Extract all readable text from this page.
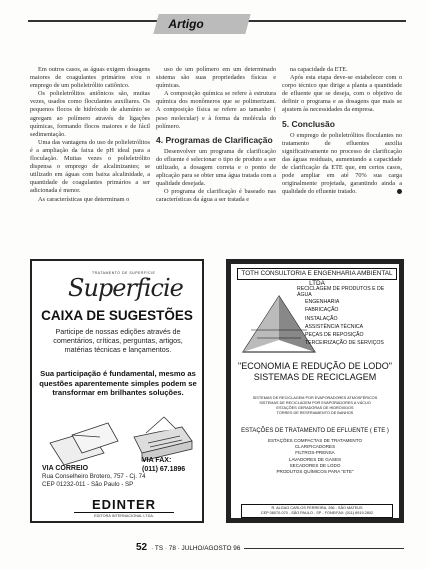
Artigo

Em outros casos, as águas exigem dosagens maiores de coagulantes primários e/ou o emprego de um polieletrólito catiônico.

Os polieletrólitos aniônicos são, muitas vezes, usados como floculantes auxiliares. Os pequenos flocos de hidróxido de alumínio se agregam ao polímero através de ligações químicas, formando flocos maiores e de fácil sedimentação.

Uma das vantagens do uso de polieletrólitos é a ampliação da faixa de pH ideal para a floculação. Muitas vezes o polieletrólito dispensa o emprego de alcalinizantes; se utilizado em águas com baixa alcalinidade, a quantidade de coagulantes primários a ser adicionada é menor.

As características que determinam o

uso de um polímero em um determinado sistema são suas propriedades físicas e químicas.

A composição química se refere à estrutura química dos monômeros que se polimerizam. A composição física se refere ao tamanho ( peso molecular) e à forma da molécula do polímero.

4. Programas de Clarificação

Desenvolver um programa de clarificação do efluente é selecionar o tipo de produto a ser utilizado, a dosagem correta e o ponto de aplicação para se obter uma água tratada com a qualidade desejada.

O programa de clarificação é baseado nas características da água a ser tratada e

na capacidade da ETE.

Após esta etapa deve-se estabelecer com o corpo técnico que dirige a planta a quantidade de efluente que se deseja, com o objetivo de definir o programa e as dosagens que mais se ajustem às necessidades da empresa.

5. Conclusão

O emprego de polieletrólitos floculantes no tratamento de efluentes auxilia significativamente no processo de clarificação das águas residuais, aumentando a capacidade de clarificação da ETE que, em certos casos, pode ampliar em até 70% sua carga originalmente projetada, garantindo ainda a qualidade do efluente tratado.

TRATAMENTO DE SUPERFÍCIE
Superficie
CAIXA DE SUGESTÕES
Participe de nossas edições através de comentários, críticas, perguntas, artigos, matérias técnicas e lançamentos.
Sua participação é fundamental, mesmo as questões aparentemente simples podem se transformar em brilhantes soluções.
VIA FAX:
(011) 67.1896
VIA CORREIO
Rua Conselheiro Brotero, 757 - Cj. 74
CEP 01232-011 - São Paulo - SP
EDINTER
EDITORA INTERNACIONAL LTDA.
TOTH CONSULTORIA E ENGENHARIA AMBIENTAL LTDA
RECICLAGEM DE PRODUTOS E DE ÁGUA
ENGENHARIA
FABRICAÇÃO
INSTALAÇÃO
ASSISTÊNCIA TÉCNICA
PEÇAS DE REPOSIÇÃO
TERCEIRIZAÇÃO DE SERVIÇOS
"ECONOMIA E REDUÇÃO DE LODO"
SISTEMAS DE RECICLAGEM
SISTEMAS DE RECICLAGEM POR EVAPORADORES ATMOSFÉRICOS
SISTEMAS DE RECICLAGEM POR EVAPORADORES A VÁCUO
ESTAÇÕES GERADORAS DE HIDRÓXIDOS
TORRES DE RESFRIAMENTO DE BANHOS
ESTAÇÕES DE TRATAMENTO DE EFLUENTE ( ETE )
ESTAÇÕES COMPACTAS DE TRATAMENTO
CLARIFICADORES
FILTROS-PRENSA
LAVADORES DE GASES
SECADORES DE LODO
PRODUTOS QUÍMICOS PARA "ETE"
R. ALGAO CARLOS FERREIRA, 266 - SÃO MATEUS
CEP 08070-070 - SÃO PAULO - SP - FONE/FAX: (011) 6919.2802
52 · TS · 78 · JULHO/AGOSTO 96
